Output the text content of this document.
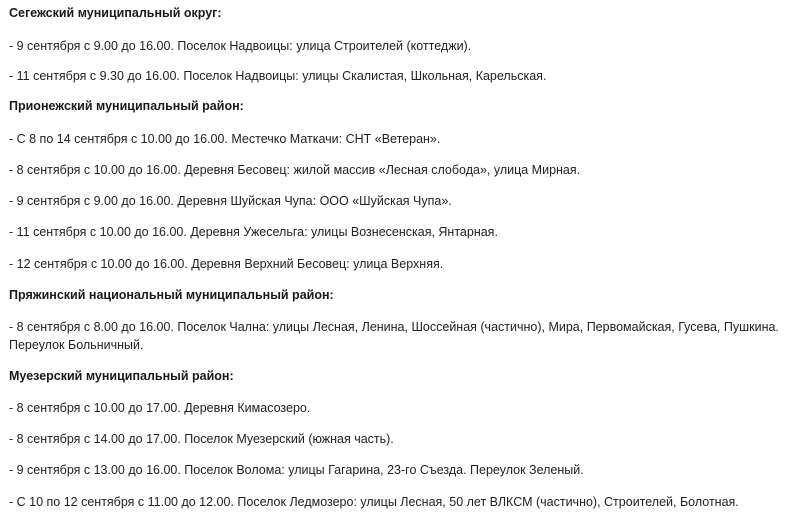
Сегежский муниципальный округ:
- 9 сентября с 9.00 до 16.00. Поселок Надвоицы: улица Строителей (коттеджи).
- 11 сентября с 9.30 до 16.00. Поселок Надвоицы: улицы Скалистая, Школьная, Карельская.
Прионежский муниципальный район:
- С 8 по 14 сентября с 10.00 до 16.00. Местечко Маткачи: СНТ «Ветеран».
- 8 сентября с 10.00 до 16.00. Деревня Бесовец: жилой массив «Лесная слобода», улица Мирная.
- 9 сентября с 9.00 до 16.00. Деревня Шуйская Чупа: ООО «Шуйская Чупа».
- 11 сентября с 10.00 до 16.00. Деревня Ужесельга: улицы Вознесенская, Янтарная.
- 12 сентября с 10.00 до 16.00. Деревня Верхний Бесовец: улица Верхняя.
Пряжинский национальный муниципальный район:
- 8 сентября с 8.00 до 16.00. Поселок Чална: улицы Лесная, Ленина, Шоссейная (частично), Мира, Первомайская, Гусева, Пушкина. Переулок Больничный.
Муезерский муниципальный район:
- 8 сентября с 10.00 до 17.00. Деревня Кимасозеро.
- 8 сентября с 14.00 до 17.00. Поселок Муезерский (южная часть).
- 9 сентября с 13.00 до 16.00. Поселок Волома: улицы Гагарина, 23-го Съезда. Переулок Зеленый.
- С 10 по 12 сентября с 11.00 до 12.00. Поселок Ледмозеро: улицы Лесная, 50 лет ВЛКСМ (частично), Строителей, Болотная.
